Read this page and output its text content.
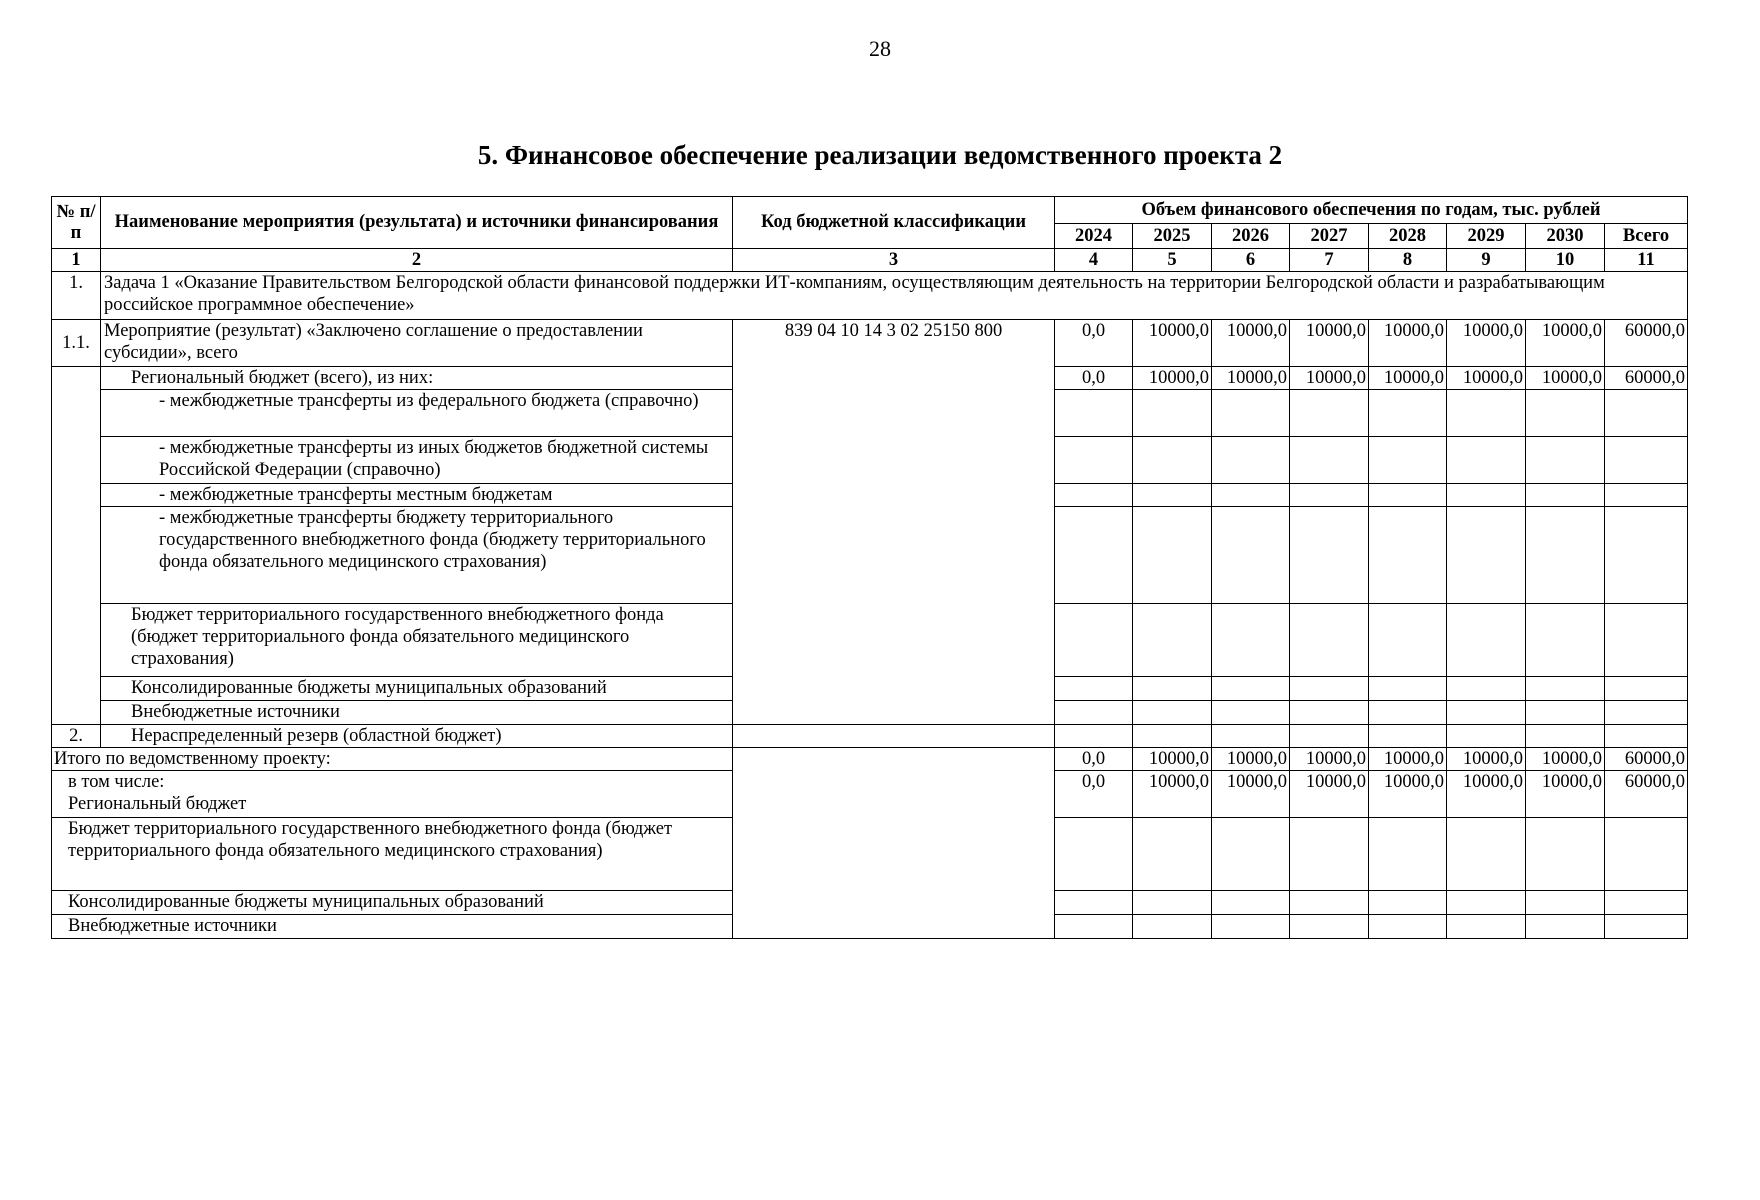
28
5. Финансовое обеспечение реализации ведомственного проекта 2
№ п/п	Наименование мероприятия (результата) и источники финансирования	Код бюджетной классификации	Объем финансового обеспечения по годам, тыс. рублей							
			2024	2025	2026	2027	2028	2029	2030	Всего
1	2	3	4	5	6	7	8	9	10	11
1.	Задача 1 «Оказание Правительством Белгородской области финансовой поддержки ИТ-компаниям, осуществляющим деятельность на территории Белгородской области и разрабатывающим российское программное обеспечение»									
1.1.	Мероприятие (результат) «Заключено соглашение о предоставлении субсидии», всего	839 04 10 14 3 02 25150 800	0,0	10000,0	10000,0	10000,0	10000,0	10000,0	10000,0	60000,0
	Региональный бюджет (всего), из них:		0,0	10000,0	10000,0	10000,0	10000,0	10000,0	10000,0	60000,0
	- межбюджетные трансферты из федерального бюджета (справочно)									
	- межбюджетные трансферты из иных бюджетов бюджетной системы Российской Федерации (справочно)									
	- межбюджетные трансферты местным бюджетам									
	- межбюджетные трансферты бюджету территориального государственного внебюджетного фонда (бюджету территориального фонда обязательного медицинского страхования)									
	Бюджет территориального государственного внебюджетного фонда (бюджет территориального фонда обязательного медицинского страхования)									
	Консолидированные бюджеты муниципальных образований									
	Внебюджетные источники									
2.	Нераспределенный резерв (областной бюджет)									
Итого по ведомственному проекту:			0,0	10000,0	10000,0	10000,0	10000,0	10000,0	10000,0	60000,0

в том числе:
Региональный бюджет			0,0	10000,0	10000,0	10000,0	10000,0	10000,0	10000,0	60000,0
Бюджет территориального государственного внебюджетного фонда (бюджет территориального фонда обязательного медицинского страхования)										
Консолидированные бюджеты муниципальных образований										
Внебюджетные источники										
